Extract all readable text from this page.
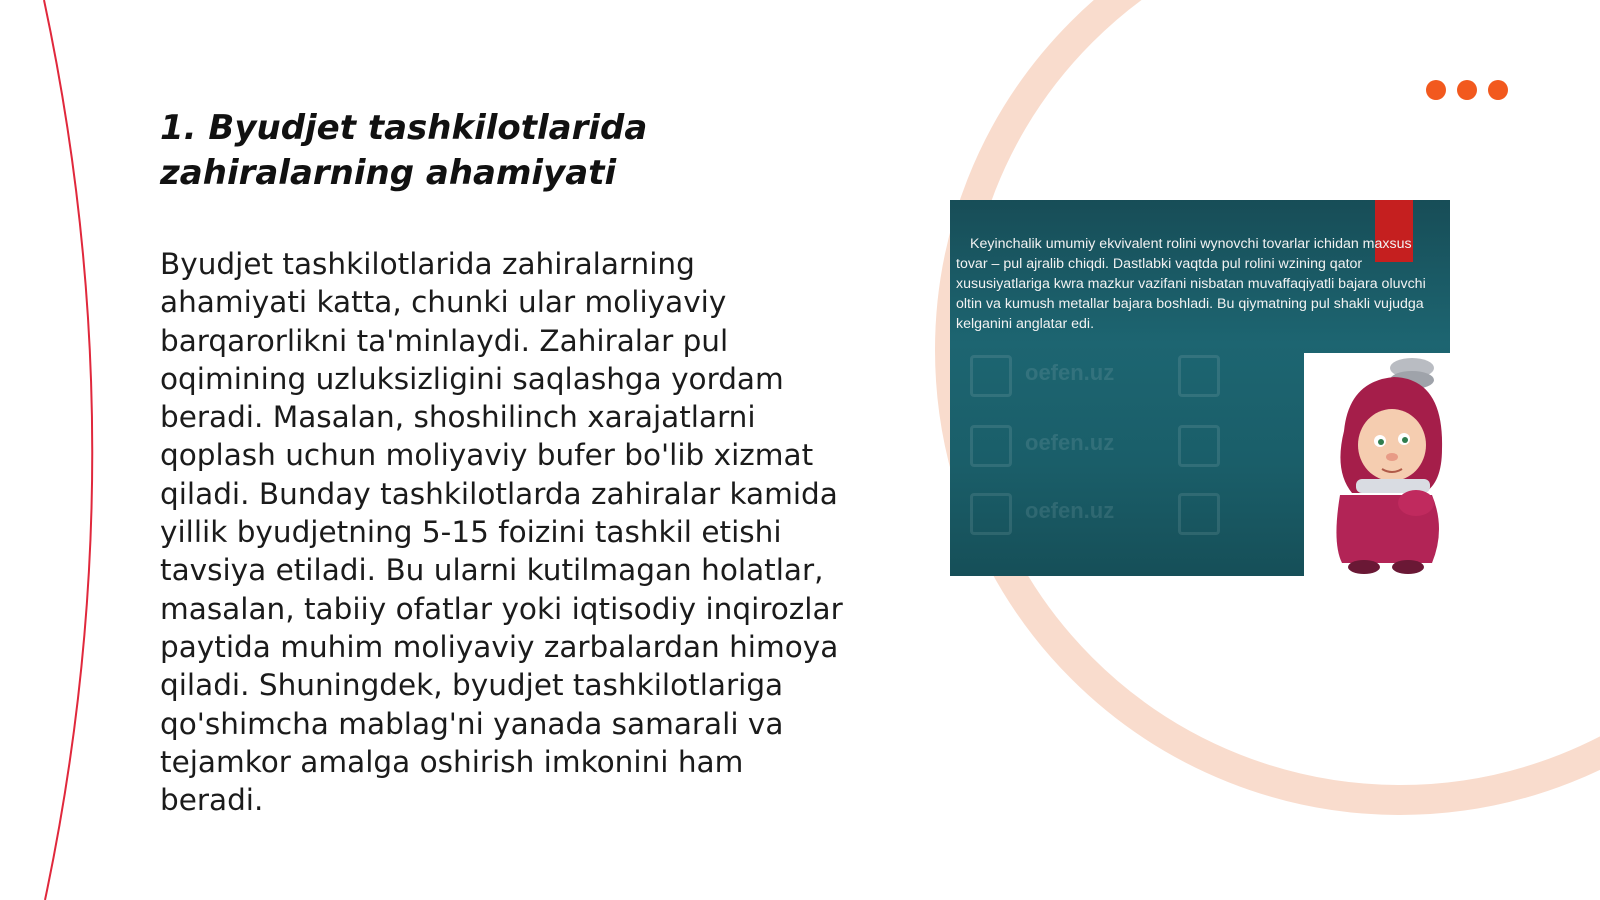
1. Byudjet tashkilotlarida zahiralarning ahamiyati

Byudjet tashkilotlarida zahiralarning ahamiyati katta, chunki ular moliyaviy barqarorlikni ta'minlaydi. Zahiralar pul oqimining uzluksizligini saqlashga yordam beradi. Masalan, shoshilinch xarajatlarni qoplash uchun moliyaviy bufer bo'lib xizmat qiladi. Bunday tashkilotlarda zahiralar kamida yillik byudjetning 5-15 foizini tashkil etishi tavsiya etiladi. Bu ularni kutilmagan holatlar, masalan, tabiiy ofatlar yoki iqtisodiy inqirozlar paytida muhim moliyaviy zarbalardan himoya qiladi. Shuningdek, byudjet tashkilotlariga qo'shimcha mablag'ni yanada samarali va tejamkor amalga oshirish imkonini ham beradi.

oefen.uz
oefen.uz
oefen.uz

Keyinchalik umumiy ekvivalent rolini wynovchi tovarlar ichidan maxsus tovar – pul ajralib chiqdi. Dastlabki vaqtda pul rolini wzining qator xususiyatlariga kwra mazkur vazifani nisbatan muvaffaqiyatli bajara oluvchi oltin va kumush metallar bajara boshladi. Bu qiymatning pul shakli vujudga kelganini anglatar edi.
